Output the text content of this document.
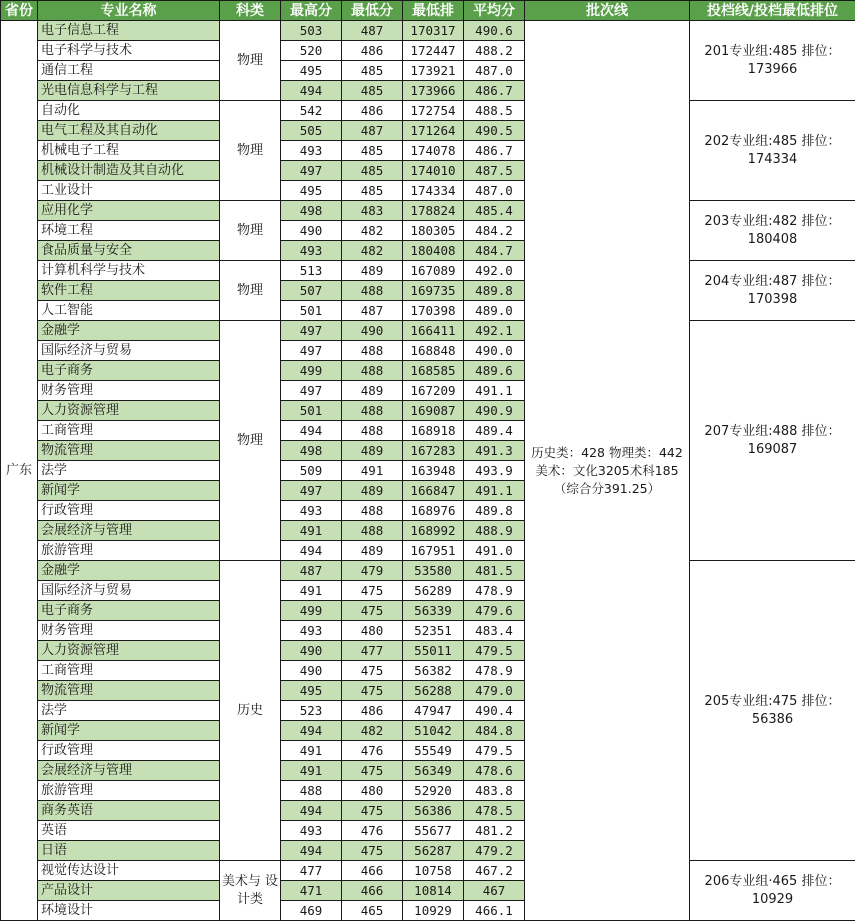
省份	专业名称	科类	最高分	最低分	最低排	平均分	批次线	投档线/投档最低排位
广东	电子信息工程	物理	503	487	170317	490.6	历史类：428 物理类：442 美术：文化3205术科185（综合分391.25）	201专业组:485 排位：173966
	电子科学与技术		520	486	172447	488.2		
	通信工程		495	485	173921	487.0		
	光电信息科学与工程		494	485	173966	486.7		
	自动化	物理	542	486	172754	488.5		202专业组:485 排位：174334
	电气工程及其自动化		505	487	171264	490.5		
	机械电子工程		493	485	174078	486.7		
	机械设计制造及其自动化		497	485	174010	487.5		
	工业设计		495	485	174334	487.0		
	应用化学	物理	498	483	178824	485.4		203专业组:482 排位：180408
	环境工程		490	482	180305	484.2		
	食品质量与安全		493	482	180408	484.7		
	计算机科学与技术	物理	513	489	167089	492.0		204专业组:487 排位：170398
	软件工程		507	488	169735	489.8		
	人工智能		501	487	170398	489.0		
	金融学	物理	497	490	166411	492.1		207专业组:488 排位：169087
	国际经济与贸易		497	488	168848	490.0		
	电子商务		499	488	168585	489.6		
	财务管理		497	489	167209	491.1		
	人力资源管理		501	488	169087	490.9		
	工商管理		494	488	168918	489.4		
	物流管理		498	489	167283	491.3		
	法学		509	491	163948	493.9		
	新闻学		497	489	166847	491.1		
	行政管理		493	488	168976	489.8		
	会展经济与管理		491	488	168992	488.9		
	旅游管理		494	489	167951	491.0		
	金融学	历史	487	479	53580	481.5		205专业组:475 排位：56386
	国际经济与贸易		491	475	56289	478.9		
	电子商务		499	475	56339	479.6		
	财务管理		493	480	52351	483.4		
	人力资源管理		490	477	55011	479.5		
	工商管理		490	475	56382	478.9		
	物流管理		495	475	56288	479.0		
	法学		523	486	47947	490.4		
	新闻学		494	482	51042	484.8		
	行政管理		491	476	55549	479.5		
	会展经济与管理		491	475	56349	478.6		
	旅游管理		488	480	52920	483.8		
	商务英语		494	475	56386	478.5		
	英语		493	476	55677	481.2		
	日语		494	475	56287	479.2		
	视觉传达设计	美术与 设计类	477	466	10758	467.2		206专业组·465 排位：10929
	产品设计		471	466	10814	467		
	环境设计		469	465	10929	466.1		
